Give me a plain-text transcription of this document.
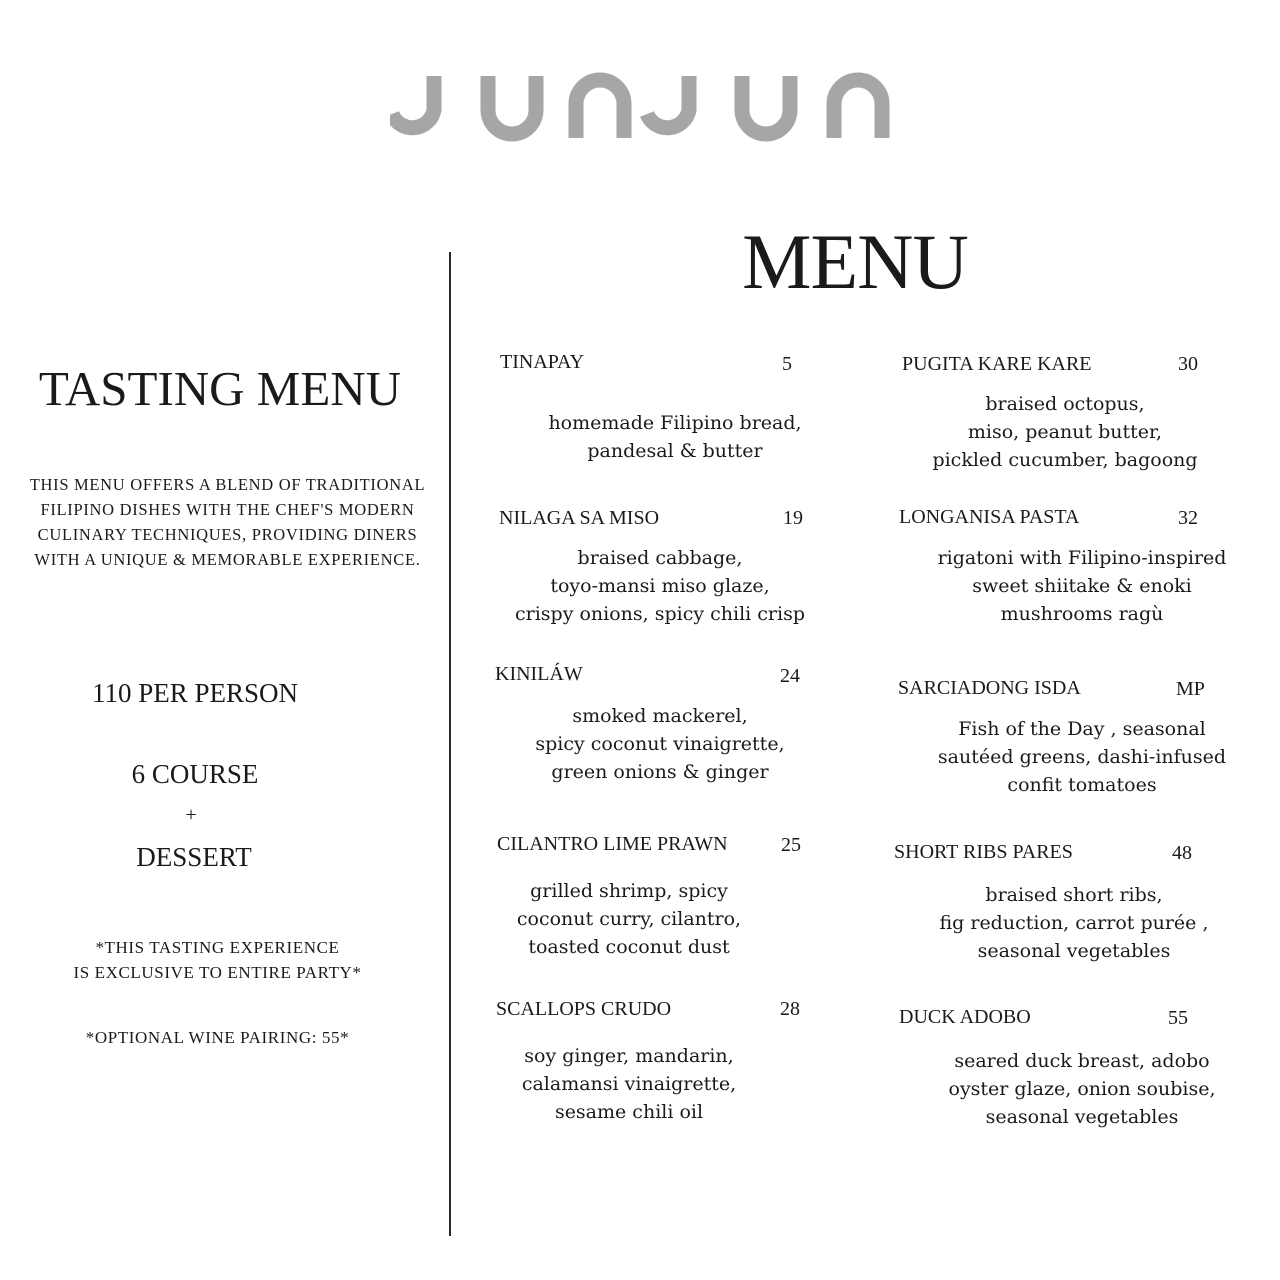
MENU
TASTING MENU
THIS MENU OFFERS A BLEND OF TRADITIONAL FILIPINO DISHES WITH THE CHEF'S MODERN CULINARY TECHNIQUES, PROVIDING DINERS WITH A UNIQUE & MEMORABLE EXPERIENCE.
110 PER PERSON
6 COURSE
+
DESSERT
*THIS TASTING EXPERIENCE
IS EXCLUSIVE TO ENTIRE PARTY*
*OPTIONAL WINE PAIRING: 55*
TINAPAY	5
homemade Filipino bread,
pandesal & butter
NILAGA SA MISO	19
braised cabbage,
toyo-mansi miso glaze,
crispy onions, spicy chili crisp
KINILÁW	24
smoked mackerel,
spicy coconut vinaigrette,
green onions & ginger
CILANTRO LIME PRAWN	25
grilled shrimp, spicy
coconut curry, cilantro,
toasted coconut dust
SCALLOPS CRUDO	28
soy ginger, mandarin,
calamansi vinaigrette,
sesame chili oil
PUGITA KARE KARE	30
braised octopus,
miso, peanut butter,
pickled cucumber, bagoong
LONGANISA PASTA	32
rigatoni with Filipino-inspired
sweet shiitake & enoki
mushrooms ragù
SARCIADONG ISDA	MP
Fish of the Day , seasonal
sautéed greens, dashi-infused
confit tomatoes
SHORT RIBS PARES	48
braised short ribs,
fig reduction, carrot purée ,
seasonal vegetables
DUCK ADOBO	55
seared duck breast, adobo
oyster glaze, onion soubise,
seasonal vegetables
